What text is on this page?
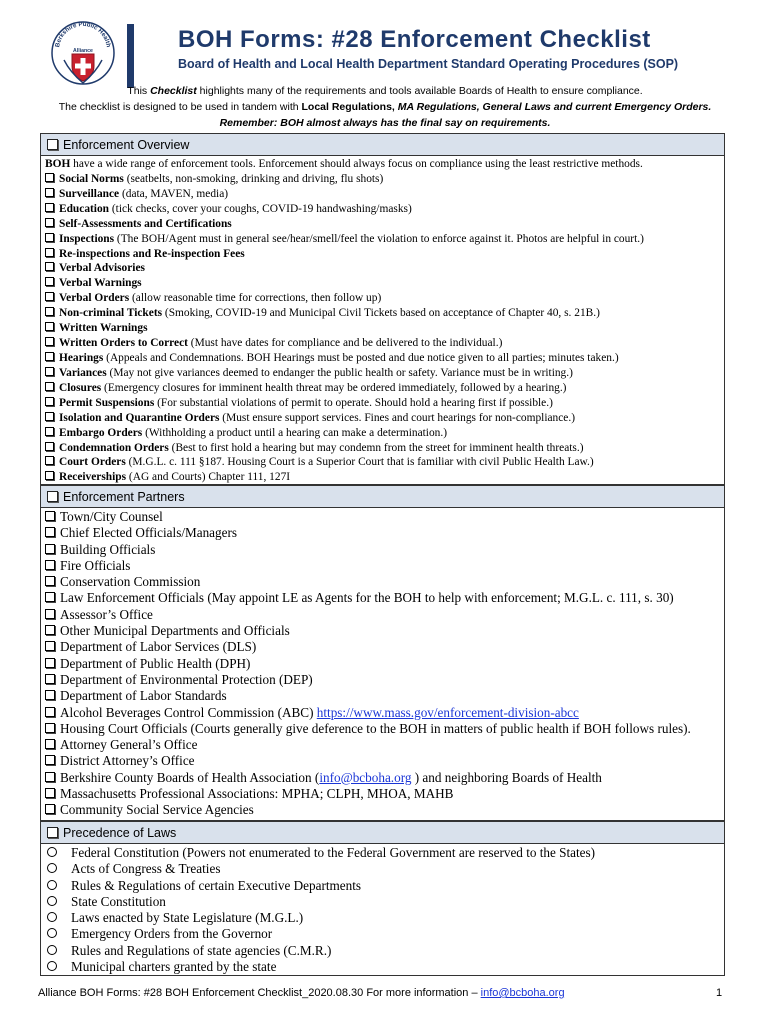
Berkshire Public Health
Alliance	BOH Forms: #28 Enforcement Checklist
Board of Health and Local Health Department Standard Operating Procedures (SOP)
This Checklist highlights many of the requirements and tools available Boards of Health to ensure compliance.
The checklist is designed to be used in tandem with Local Regulations, MA Regulations, General Laws and current Emergency Orders.
Remember: BOH almost always has the final say on requirements.
Enforcement Overview
BOH have a wide range of enforcement tools. Enforcement should always focus on compliance using the least restrictive methods.
Social Norms (seatbelts, non-smoking, drinking and driving, flu shots)
Surveillance (data, MAVEN, media)
Education (tick checks, cover your coughs, COVID-19 handwashing/masks)
Self-Assessments and Certifications
Inspections (The BOH/Agent must in general see/hear/smell/feel the violation to enforce against it. Photos are helpful in court.)
Re-inspections and Re-inspection Fees
Verbal Advisories
Verbal Warnings
Verbal Orders (allow reasonable time for corrections, then follow up)
Non-criminal Tickets (Smoking, COVID-19 and Municipal Civil Tickets based on acceptance of Chapter 40, s. 21B.)
Written Warnings
Written Orders to Correct (Must have dates for compliance and be delivered to the individual.)
Hearings (Appeals and Condemnations. BOH Hearings must be posted and due notice given to all parties; minutes taken.)
Variances (May not give variances deemed to endanger the public health or safety. Variance must be in writing.)
Closures (Emergency closures for imminent health threat may be ordered immediately, followed by a hearing.)
Permit Suspensions (For substantial violations of permit to operate. Should hold a hearing first if possible.)
Isolation and Quarantine Orders (Must ensure support services. Fines and court hearings for non-compliance.)
Embargo Orders (Withholding a product until a hearing can make a determination.)
Condemnation Orders (Best to first hold a hearing but may condemn from the street for imminent health threats.)
Court Orders (M.G.L. c. 111 §187. Housing Court is a Superior Court that is familiar with civil Public Health Law.)
Receiverships (AG and Courts) Chapter 111, 127I
Enforcement Partners
Town/City Counsel
Chief Elected Officials/Managers
Building Officials
Fire Officials
Conservation Commission
Law Enforcement Officials (May appoint LE as Agents for the BOH to help with enforcement; M.G.L. c. 111, s. 30)
Assessor’s Office
Other Municipal Departments and Officials
Department of Labor Services (DLS)
Department of Public Health (DPH)
Department of Environmental Protection (DEP)
Department of Labor Standards
Alcohol Beverages Control Commission (ABC) https://www.mass.gov/enforcement-division-abcc
Housing Court Officials (Courts generally give deference to the BOH in matters of public health if BOH follows rules).
Attorney General’s Office
District Attorney’s Office
Berkshire County Boards of Health Association (info@bcboha.org ) and neighboring Boards of Health
Massachusetts Professional Associations: MPHA; CLPH, MHOA, MAHB
Community Social Service Agencies
Precedence of Laws
Federal Constitution (Powers not enumerated to the Federal Government are reserved to the States)
Acts of Congress & Treaties
Rules & Regulations of certain Executive Departments
State Constitution
Laws enacted by State Legislature (M.G.L.)
Emergency Orders from the Governor
Rules and Regulations of state agencies (C.M.R.)
Municipal charters granted by the state
Alliance BOH Forms: #28 BOH Enforcement Checklist_2020.08.30 For more information – info@bcboha.org	1
